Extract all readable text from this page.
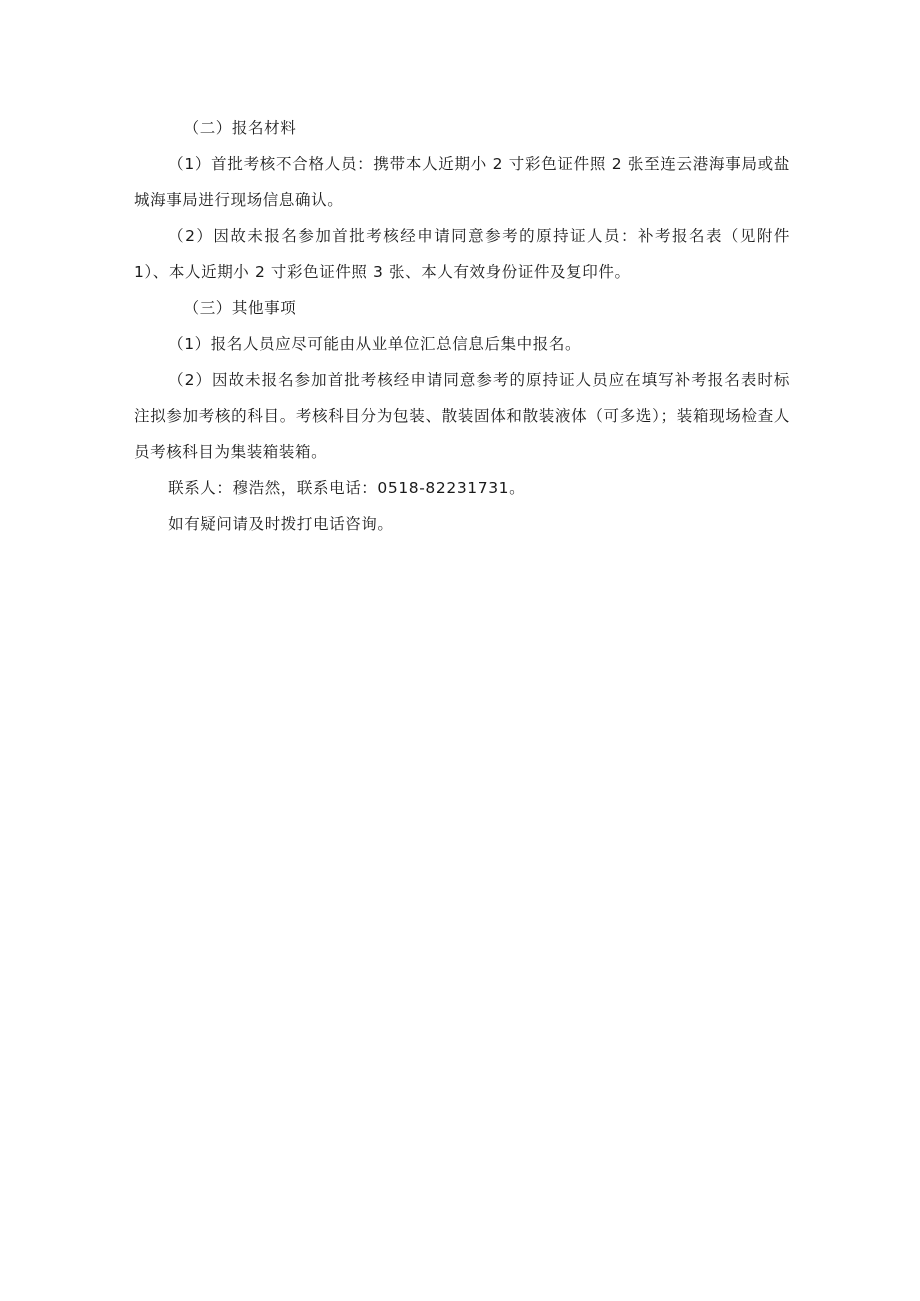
（二）报名材料

（1）首批考核不合格人员：携带本人近期小 2 寸彩色证件照 2 张至连云港海事局或盐城海事局进行现场信息确认。

（2）因故未报名参加首批考核经申请同意参考的原持证人员：补考报名表（见附件 1）、本人近期小 2 寸彩色证件照 3 张、本人有效身份证件及复印件。

（三）其他事项

（1）报名人员应尽可能由从业单位汇总信息后集中报名。

（2）因故未报名参加首批考核经申请同意参考的原持证人员应在填写补考报名表时标注拟参加考核的科目。考核科目分为包装、散装固体和散装液体（可多选）；装箱现场检查人员考核科目为集装箱装箱。

联系人：穆浩然，联系电话：0518-82231731。

如有疑问请及时拨打电话咨询。
